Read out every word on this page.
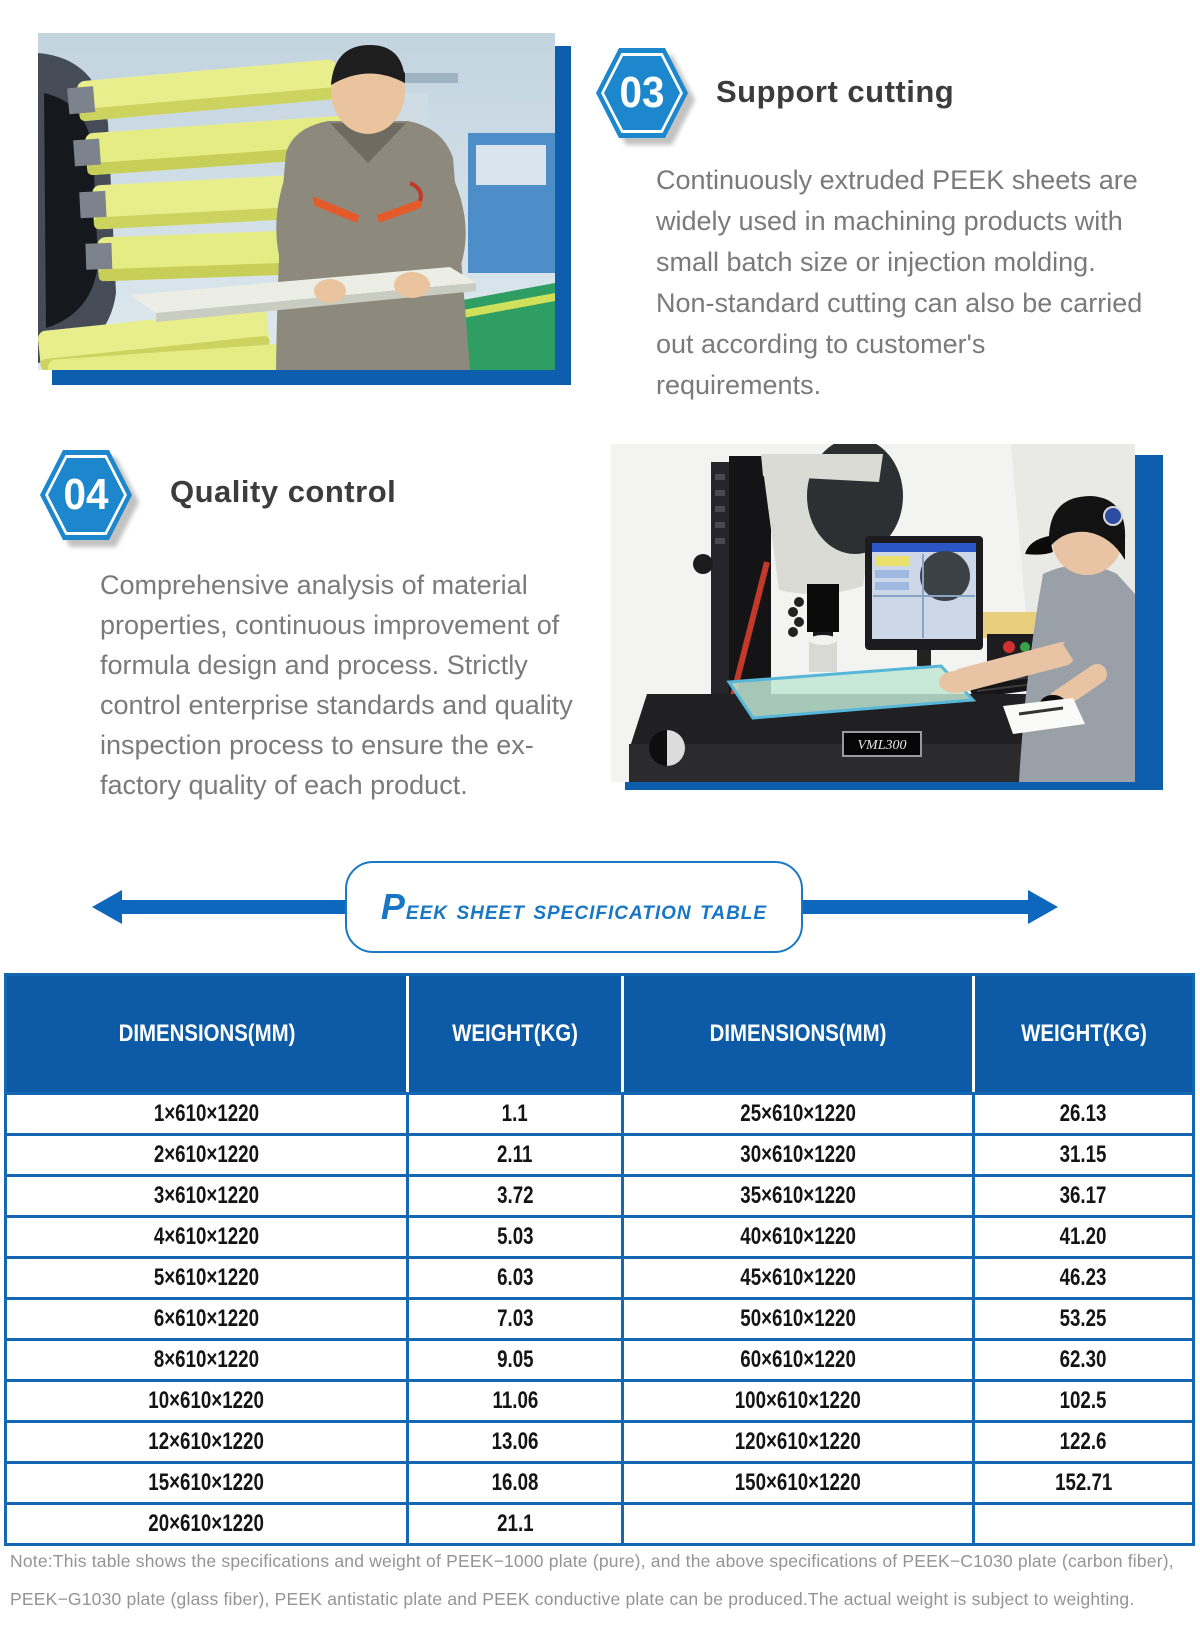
03	Support cutting
Continuously extruded PEEK sheets are widely used in machining products with small batch size or injection molding. Non-standard cutting can also be carried out according to customer's requirements.
VML300
04	Quality control
Comprehensive analysis of material properties, continuous improvement of formula design and process. Strictly control enterprise standards and quality inspection process to ensure the ex-factory quality of each product.
Peek sheet specification table
DIMENSIONS(MM)	WEIGHT(KG)	DIMENSIONS(MM)	WEIGHT(KG)
1×610×1220	1.1	25×610×1220	26.13
2×610×1220	2.11	30×610×1220	31.15
3×610×1220	3.72	35×610×1220	36.17
4×610×1220	5.03	40×610×1220	41.20
5×610×1220	6.03	45×610×1220	46.23
6×610×1220	7.03	50×610×1220	53.25
8×610×1220	9.05	60×610×1220	62.30
10×610×1220	11.06	100×610×1220	102.5
12×610×1220	13.06	120×610×1220	122.6
15×610×1220	16.08	150×610×1220	152.71
20×610×1220	21.1
Note:This table shows the specifications and weight of PEEK−1000 plate (pure), and the above specifications of PEEK−C1030 plate (carbon fiber),
PEEK−G1030 plate (glass fiber), PEEK antistatic plate and PEEK conductive plate can be produced.The actual weight is subject to weighting.
